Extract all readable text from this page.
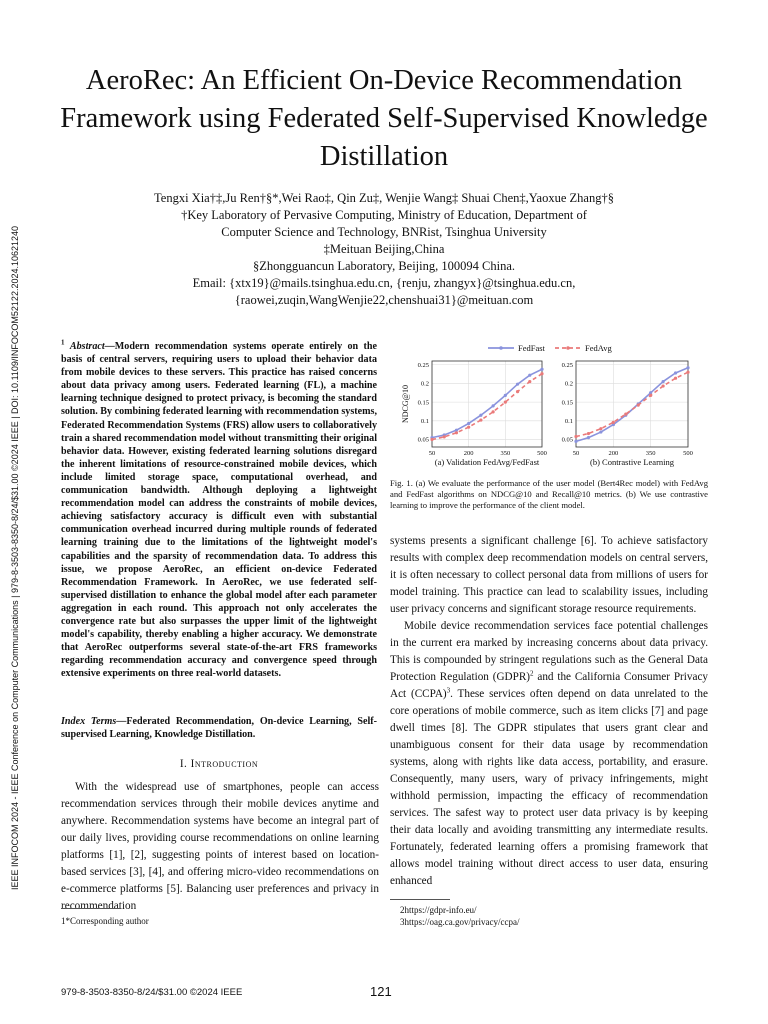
IEEE INFOCOM 2024 - IEEE Conference on Computer Communications | 979-8-3503-8350-8/24/$31.00 ©2024 IEEE | DOI: 10.1109/INFOCOM52122.2024.10621240
AeroRec: An Efficient On-Device Recommendation Framework using Federated Self-Supervised Knowledge Distillation
Tengxi Xia†‡,Ju Ren†§*,Wei Rao‡, Qin Zu‡, Wenjie Wang‡ Shuai Chen‡,Yaoxue Zhang†§
†Key Laboratory of Pervasive Computing, Ministry of Education, Department of
Computer Science and Technology, BNRist, Tsinghua University
‡Meituan Beijing,China
§Zhongguancun Laboratory, Beijing, 100094 China.
Email: {xtx19}@mails.tsinghua.edu.cn, {renju, zhangyx}@tsinghua.edu.cn,
{raowei,zuqin,WangWenjie22,chenshuai31}@meituan.com
$^1$ Abstract—Modern recommendation systems operate entirely on the basis of central servers, requiring users to upload their behavior data from mobile devices to these servers. This practice has raised concerns about data privacy among users. Federated learning (FL), a machine learning technique designed to protect privacy, is becoming the standard solution. By combining federated learning with recommendation systems, Federated Recommendation Systems (FRS) allow users to collaboratively train a shared recommendation model without transmitting their original behavior data. However, existing federated learning solutions disregard the inherent limitations of resource-constrained mobile devices, which include limited storage space, computational overhead, and communication bandwidth. Although deploying a lightweight recommendation model can address the constraints of mobile devices, achieving satisfactory accuracy is difficult even with substantial communication overhead incurred during multiple rounds of federated learning training due to the limitations of the lightweight model's capabilities and the sparsity of recommendation data. To address this issue, we propose AeroRec, an efficient on-device Federated Recommendation Framework. In AeroRec, we use federated self-supervised distillation to enhance the global model after each parameter aggregation in each round. This approach not only accelerates the convergence rate but also surpasses the upper limit of the lightweight model's capability, thereby enabling a higher accuracy. We demonstrate that AeroRec outperforms several state-of-the-art FRS frameworks regarding recommendation accuracy and convergence speed through extensive experiments on three real-world datasets.
Index Terms—Federated Recommendation, On-device Learning, Self-supervised Learning, Knowledge Distillation.
I. Introduction

With the widespread use of smartphones, people can access recommendation services through their mobile devices anytime and anywhere. Recommendation systems have become an integral part of our daily lives, providing course recommendations on online learning platforms [1], [2], suggesting points of interest based on location-based services [3], [4], and offering micro-video recommendations on e-commerce platforms [5]. Balancing user preferences and privacy in recommendation

1*Corresponding author
FedFast	FedAvg
0.05
0.1
0.15
0.2
0.25
50	200	350	500
(a) Validation FedAvg/FedFast
NDCG@10
0.05
0.1
0.15
0.2
0.25
50	200	350	500
(b) Contrastive Learning
Fig. 1. (a) We evaluate the performance of the user model (Bert4Rec model) with FedAvg and FedFast algorithms on NDCG@10 and Recall@10 metrics. (b) We use contrastive learning to improve the performance of the client model.

systems presents a significant challenge [6]. To achieve satisfactory results with complex deep recommendation models on central servers, it is often necessary to collect personal data from millions of users for model training. This practice can lead to scalability issues, including user privacy concerns and significant storage resource requirements.

Mobile device recommendation services face potential challenges in the current era marked by increasing concerns about data privacy. This is compounded by stringent regulations such as the General Data Protection Regulation (GDPR)$^2$ and the California Consumer Privacy Act (CCPA)$^3$. These services often depend on data unrelated to the core operations of mobile commerce, such as item clicks [7] and page dwell times [8]. The GDPR stipulates that users grant clear and unambiguous consent for their data usage by recommendation systems, along with rights like data access, portability, and erasure. Consequently, many users, wary of privacy infringements, might withhold permission, impacting the efficacy of recommendation services. The safest way to protect user data privacy is by keeping their data locally and avoiding transmitting any intermediate results. Fortunately, federated learning offers a promising framework that allows model training without direct access to user data, ensuring enhanced

2https://gdpr-info.eu/
3https://oag.ca.gov/privacy/ccpa/
979-8-3503-8350-8/24/$31.00 ©2024 IEEE	121
